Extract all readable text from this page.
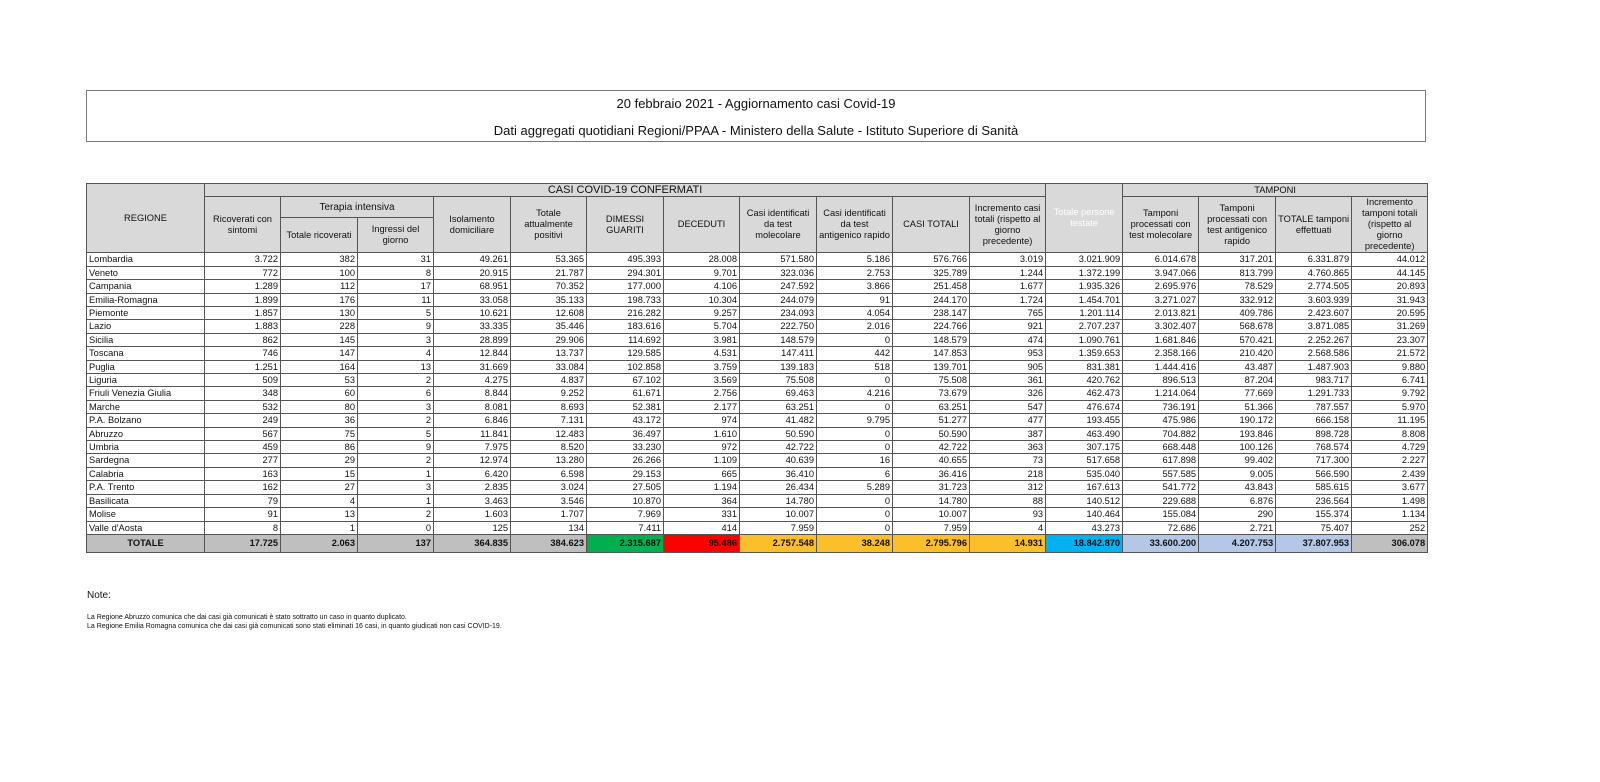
20 febbraio 2021 - Aggiornamento casi Covid-19
Dati aggregati quotidiani Regioni/PPAA - Ministero della Salute - Istituto Superiore di Sanità
REGIONE	CASI COVID-19 CONFERMATI											Totale persone testate	TAMPONI			
	Ricoverati con sintomi	Terapia intensiva		Isolamento domiciliare	Totale attualmente positivi	DIMESSI GUARITI	DECEDUTI	Casi identificati da test molecolare	Casi identificati da test antigenico rapido	CASI TOTALI	Incremento casi totali (rispetto al giorno precedente)		Tamponi processati con test molecolare	Tamponi processati con test antigenico rapido	TOTALE tamponi effettuati	Incremento tamponi totali (rispetto al giorno precedente)
		Totale ricoverati	Ingressi del giorno													
Lombardia	3.722	382	31	49.261	53.365	495.393	28.008	571.580	5.186	576.766	3.019	3.021.909	6.014.678	317.201	6.331.879	44.012
Veneto	772	100	8	20.915	21.787	294.301	9.701	323.036	2.753	325.789	1.244	1.372.199	3.947.066	813.799	4.760.865	44.145
Campania	1.289	112	17	68.951	70.352	177.000	4.106	247.592	3.866	251.458	1.677	1.935.326	2.695.976	78.529	2.774.505	20.893
Emilia-Romagna	1.899	176	11	33.058	35.133	198.733	10.304	244.079	91	244.170	1.724	1.454.701	3.271.027	332.912	3.603.939	31.943
Piemonte	1.857	130	5	10.621	12.608	216.282	9.257	234.093	4.054	238.147	765	1.201.114	2.013.821	409.786	2.423.607	20.595
Lazio	1.883	228	9	33.335	35.446	183.616	5.704	222.750	2.016	224.766	921	2.707.237	3.302.407	568.678	3.871.085	31.269
Sicilia	862	145	3	28.899	29.906	114.692	3.981	148.579	0	148.579	474	1.090.761	1.681.846	570.421	2.252.267	23.307
Toscana	746	147	4	12.844	13.737	129.585	4.531	147.411	442	147.853	953	1.359.653	2.358.166	210.420	2.568.586	21.572
Puglia	1.251	164	13	31.669	33.084	102.858	3.759	139.183	518	139.701	905	831.381	1.444.416	43.487	1.487.903	9.880
Liguria	509	53	2	4.275	4.837	67.102	3.569	75.508	0	75.508	361	420.762	896.513	87.204	983.717	6.741
Friuli Venezia Giulia	348	60	6	8.844	9.252	61.671	2.756	69.463	4.216	73.679	326	462.473	1.214.064	77.669	1.291.733	9.792
Marche	532	80	3	8.081	8.693	52.381	2.177	63.251	0	63.251	547	476.674	736.191	51.366	787.557	5.970
P.A. Bolzano	249	36	2	6.846	7.131	43.172	974	41.482	9.795	51.277	477	193.455	475.986	190.172	666.158	11.195
Abruzzo	567	75	5	11.841	12.483	36.497	1.610	50.590	0	50.590	387	463.490	704.882	193.846	898.728	8.808
Umbria	459	86	9	7.975	8.520	33.230	972	42.722	0	42.722	363	307.175	668.448	100.126	768.574	4.729
Sardegna	277	29	2	12.974	13.280	26.266	1.109	40.639	16	40.655	73	517.658	617.898	99.402	717.300	2.227
Calabria	163	15	1	6.420	6.598	29.153	665	36.410	6	36.416	218	535.040	557.585	9.005	566.590	2.439
P.A. Trento	162	27	3	2.835	3.024	27.505	1.194	26.434	5.289	31.723	312	167.613	541.772	43.843	585.615	3.677
Basilicata	79	4	1	3.463	3.546	10.870	364	14.780	0	14.780	88	140.512	229.688	6.876	236.564	1.498
Molise	91	13	2	1.603	1.707	7.969	331	10.007	0	10.007	93	140.464	155.084	290	155.374	1.134
Valle d'Aosta	8	1	0	125	134	7.411	414	7.959	0	7.959	4	43.273	72.686	2.721	75.407	252
TOTALE	17.725	2.063	137	364.835	384.623	2.315.687	95.486	2.757.548	38.248	2.795.796	14.931	18.842.870	33.600.200	4.207.753	37.807.953	306.078
Note:
La Regione Abruzzo comunica che dai casi già comunicati è stato sottratto un caso in quanto duplicato.
La Regione Emilia Romagna comunica che dai casi già comunicati sono stati eliminati 16 casi, in quanto giudicati non casi COVID-19.
